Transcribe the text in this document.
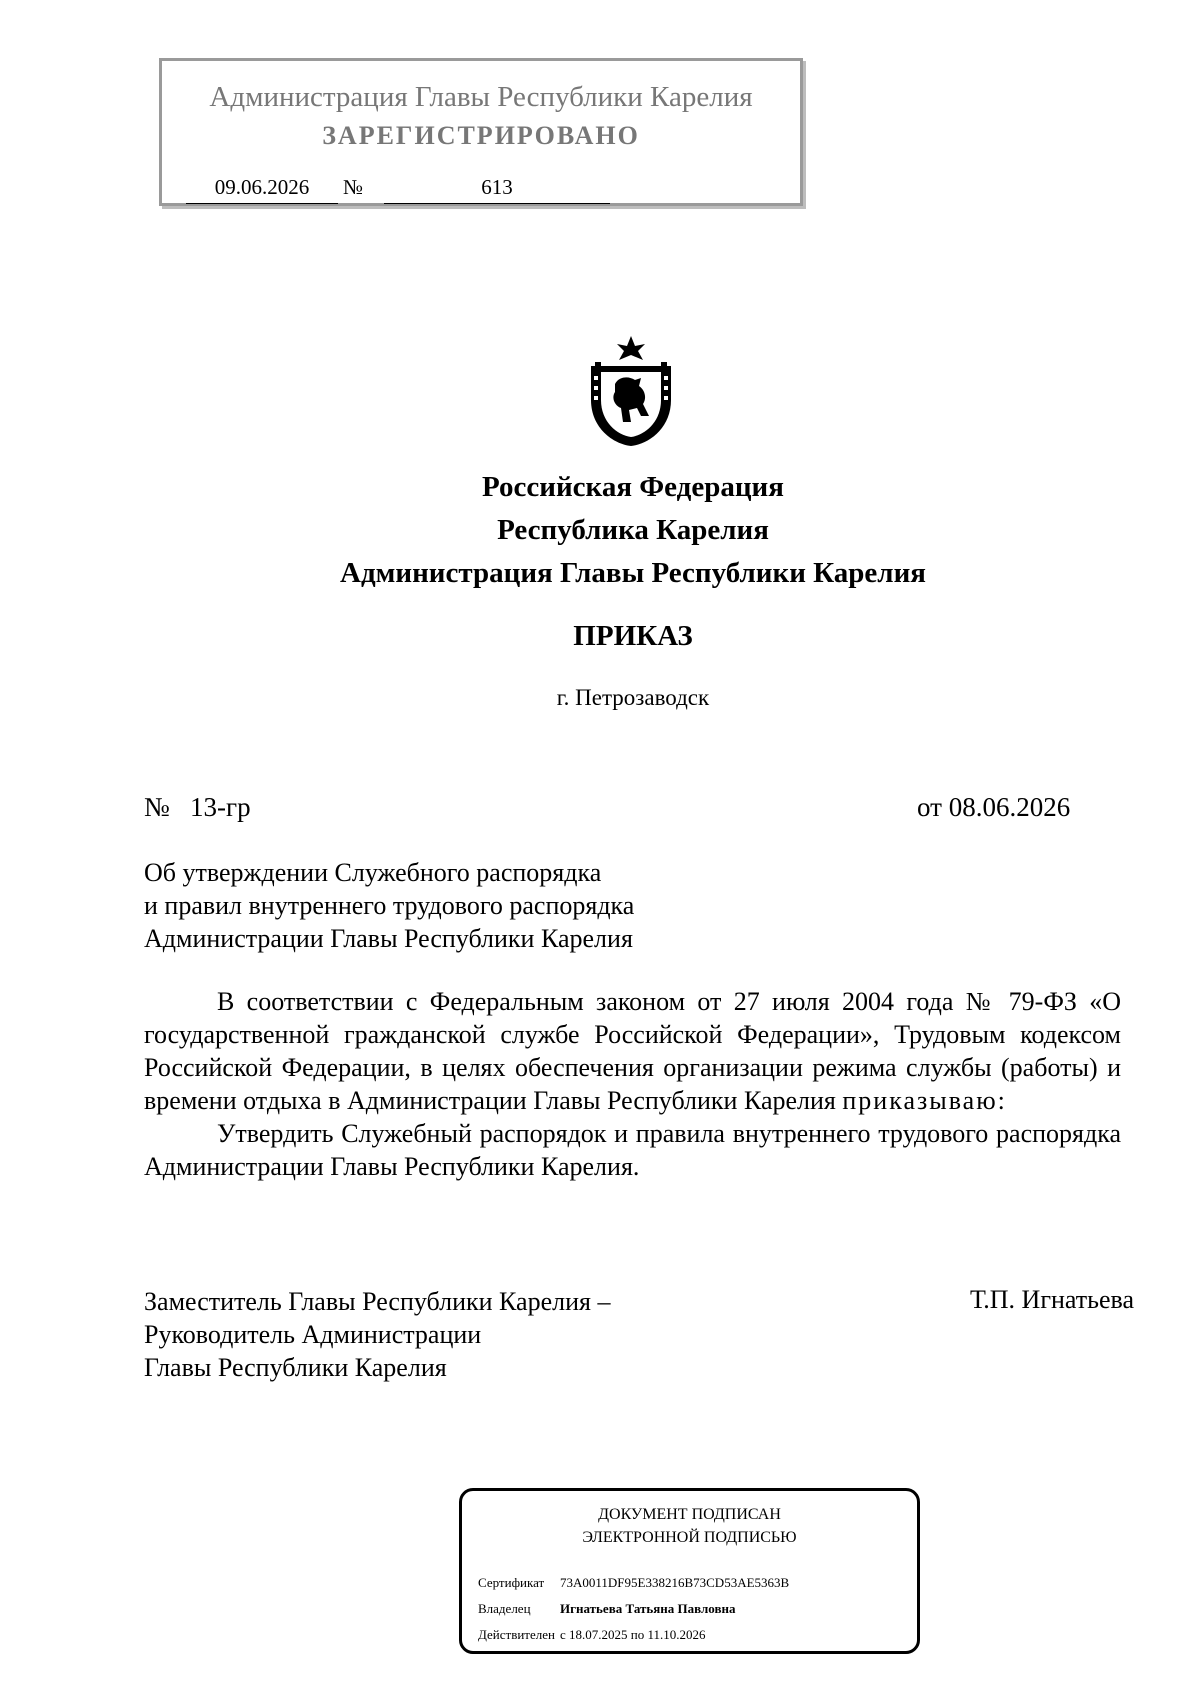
Администрация Главы Республики Карелия
ЗАРЕГИСТРИРОВАНО
09.06.2026	№	613
Российская Федерация
Республика Карелия
Администрация Главы Республики Карелия
ПРИКАЗ
г. Петрозаводск
№   13-гр	от 08.06.2026
Об утверждении Служебного распорядка
и правил внутреннего трудового распорядка
Администрации Главы Республики Карелия

В соответствии с Федеральным законом от 27 июля 2004 года № 79-ФЗ «О государственной гражданской службе Российской Федерации», Трудовым кодексом Российской Федерации, в целях обеспечения организации режима службы (работы) и времени отдыха в Администрации Главы Республики Карелия приказываю:

Утвердить Служебный распорядок и правила внутреннего трудового распорядка Администрации Главы Республики Карелия.

Заместитель Главы Республики Карелия –
Руководитель Администрации
Главы Республики Карелия
Т.П. Игнатьева
ДОКУМЕНТ ПОДПИСАН
ЭЛЕКТРОННОЙ ПОДПИСЬЮ
Сертификат 73A0011DF95E338216B73CD53AE5363B
Владелец Игнатьева Татьяна Павловна
Действителен с 18.07.2025 по 11.10.2026
